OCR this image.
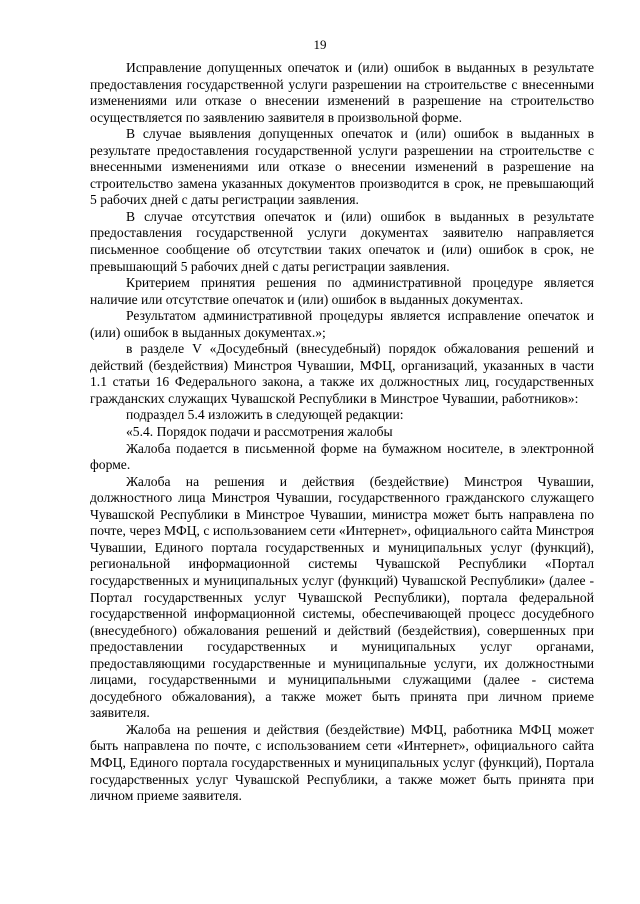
19

Исправление допущенных опечаток и (или) ошибок в выданных в результате предоставления государственной услуги разрешении на строительстве с внесенными изменениями или отказе о внесении изменений в разрешение на строительство осуществляется по заявлению заявителя в произвольной форме.

В случае выявления допущенных опечаток и (или) ошибок в выданных в результате предоставления государственной услуги разрешении на строительстве с внесенными изменениями или отказе о внесении изменений в разрешение на строительство замена указанных документов производится в срок, не превышающий 5 рабочих дней с даты регистрации заявления.

В случае отсутствия опечаток и (или) ошибок в выданных в результате предоставления государственной услуги документах заявителю направляется письменное сообщение об отсутствии таких опечаток и (или) ошибок в срок, не превышающий 5 рабочих дней с даты регистрации заявления.

Критерием принятия решения по административной процедуре является наличие или отсутствие опечаток и (или) ошибок в выданных документах.

Результатом административной процедуры является исправление опечаток и (или) ошибок в выданных документах.»;

в разделе V «Досудебный (внесудебный) порядок обжалования решений и действий (бездействия) Минстроя Чувашии, МФЦ, организаций, указанных в части 1.1 статьи 16 Федерального закона, а также их должностных лиц, государственных гражданских служащих Чувашской Республики в Минстрое Чувашии, работников»:

подраздел 5.4 изложить в следующей редакции:

«5.4. Порядок подачи и рассмотрения жалобы

Жалоба подается в письменной форме на бумажном носителе, в электронной форме.

Жалоба на решения и действия (бездействие) Минстроя Чувашии, должностного лица Минстроя Чувашии, государственного гражданского служащего Чувашской Республики в Минстрое Чувашии, министра может быть направлена по почте, через МФЦ, с использованием сети «Интернет», официального сайта Минстроя Чувашии, Единого портала государственных и муниципальных услуг (функций), региональной информационной системы Чувашской Республики «Портал государственных и муниципальных услуг (функций) Чувашской Республики» (далее - Портал государственных услуг Чувашской Республики), портала федеральной государственной информационной системы, обеспечивающей процесс досудебного (внесудебного) обжалования решений и действий (бездействия), совершенных при предоставлении государственных и муниципальных услуг органами, предоставляющими государственные и муниципальные услуги, их должностными лицами, государственными и муниципальными служащими (далее - система досудебного обжалования), а также может быть принята при личном приеме заявителя.

Жалоба на решения и действия (бездействие) МФЦ, работника МФЦ может быть направлена по почте, с использованием сети «Интернет», официального сайта МФЦ, Единого портала государственных и муниципальных услуг (функций), Портала государственных услуг Чувашской Республики, а также может быть принята при личном приеме заявителя.
